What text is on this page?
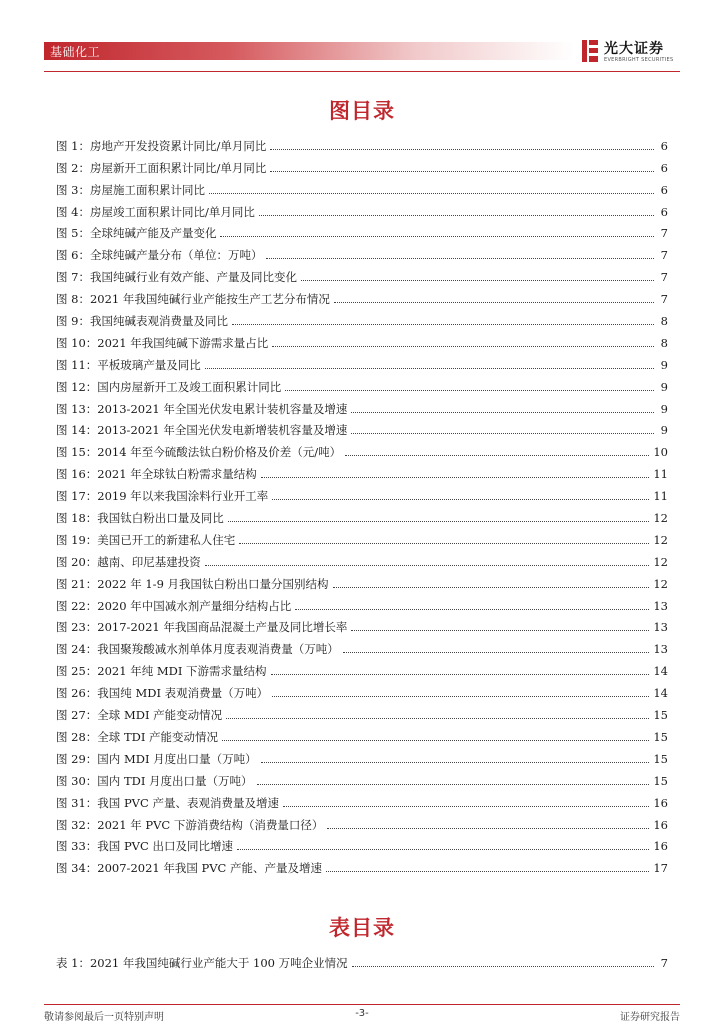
基础化工	光大证券
EVERBRIGHT SECURITIES
图目录
图 1：房地产开发投资累计同比/单月同比	6
图 2：房屋新开工面积累计同比/单月同比	6
图 3：房屋施工面积累计同比	6
图 4：房屋竣工面积累计同比/单月同比	6
图 5：全球纯碱产能及产量变化	7
图 6：全球纯碱产量分布（单位：万吨）	7
图 7：我国纯碱行业有效产能、产量及同比变化	7
图 8：2021 年我国纯碱行业产能按生产工艺分布情况	7
图 9：我国纯碱表观消费量及同比	8
图 10：2021 年我国纯碱下游需求量占比	8
图 11：平板玻璃产量及同比	9
图 12：国内房屋新开工及竣工面积累计同比	9
图 13：2013-2021 年全国光伏发电累计装机容量及增速	9
图 14：2013-2021 年全国光伏发电新增装机容量及增速	9
图 15：2014 年至今硫酸法钛白粉价格及价差（元/吨）	10
图 16：2021 年全球钛白粉需求量结构	11
图 17：2019 年以来我国涂料行业开工率	11
图 18：我国钛白粉出口量及同比	12
图 19：美国已开工的新建私人住宅	12
图 20：越南、印尼基建投资	12
图 21：2022 年 1-9 月我国钛白粉出口量分国别结构	12
图 22：2020 年中国减水剂产量细分结构占比	13
图 23：2017-2021 年我国商品混凝土产量及同比增长率	13
图 24：我国聚羧酸减水剂单体月度表观消费量（万吨）	13
图 25：2021 年纯 MDI 下游需求量结构	14
图 26：我国纯 MDI 表观消费量（万吨）	14
图 27：全球 MDI 产能变动情况	15
图 28：全球 TDI 产能变动情况	15
图 29：国内 MDI 月度出口量（万吨）	15
图 30：国内 TDI 月度出口量（万吨）	15
图 31：我国 PVC 产量、表观消费量及增速	16
图 32：2021 年 PVC 下游消费结构（消费量口径）	16
图 33：我国 PVC 出口及同比增速	16
图 34：2007-2021 年我国 PVC 产能、产量及增速	17
表目录
表 1：2021 年我国纯碱行业产能大于 100 万吨企业情况	7
敬请参阅最后一页特别声明	-3-	证券研究报告
